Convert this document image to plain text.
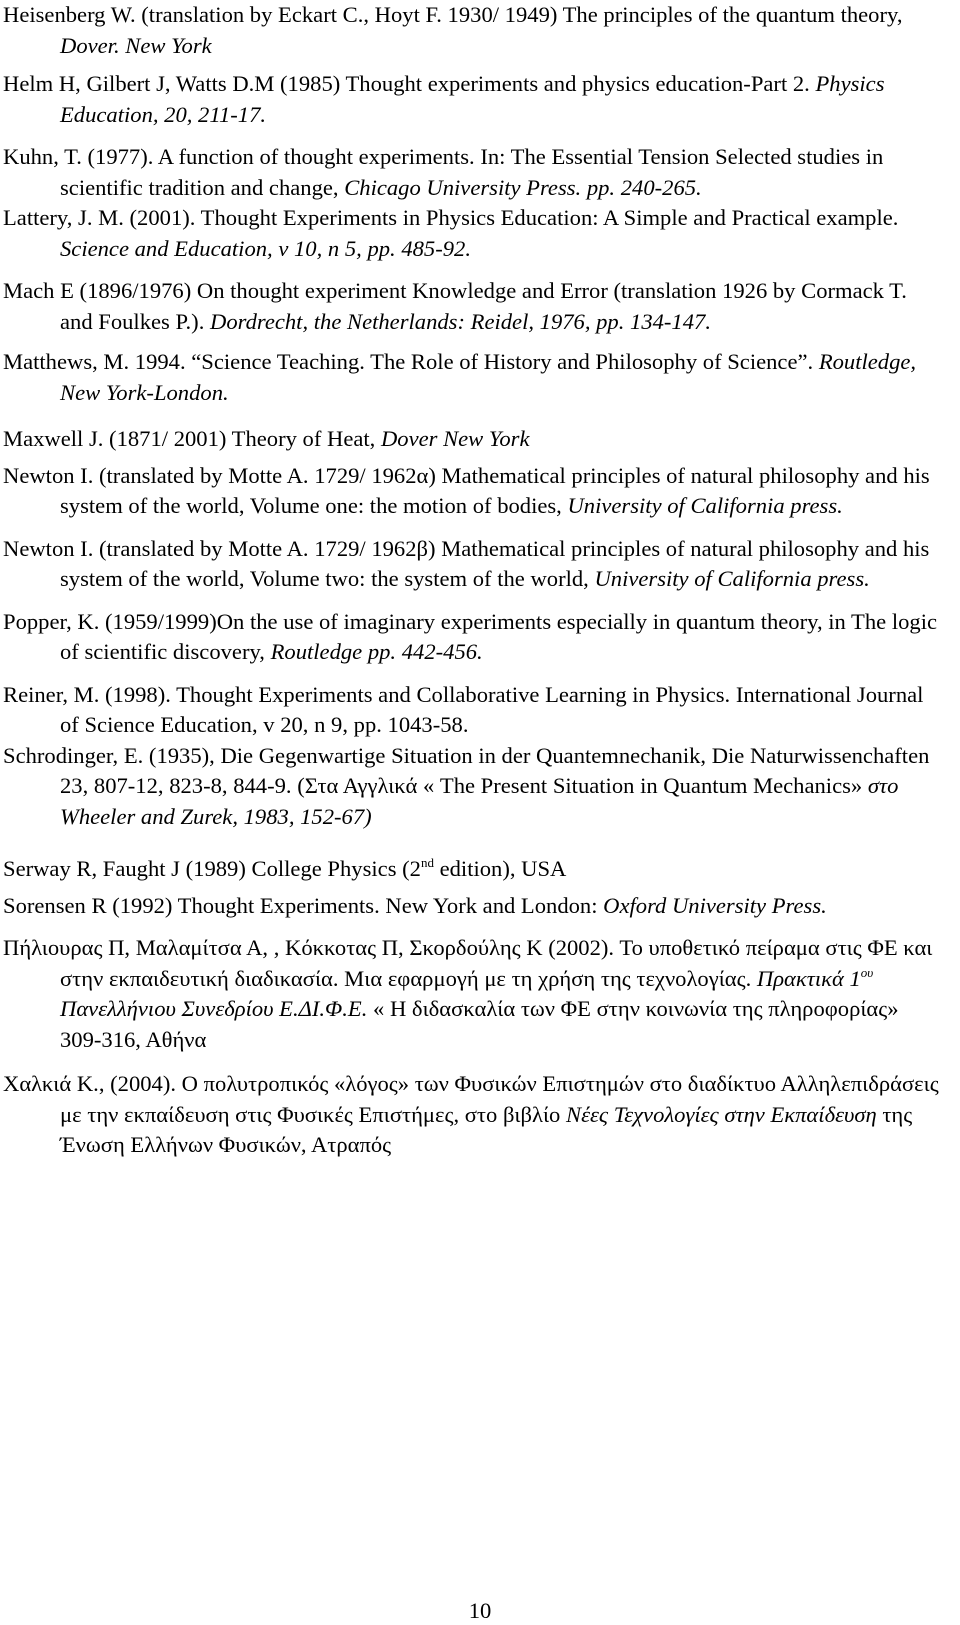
Heisenberg W. (translation by Eckart C., Hoyt F. 1930/ 1949) The principles of the quantum theory, Dover. New York
Helm H, Gilbert J, Watts D.M (1985) Thought experiments and physics education-Part 2. Physics Education, 20, 211-17.
Kuhn, T. (1977). A function of thought experiments. In: The Essential Tension Selected studies in scientific tradition and change, Chicago University Press. pp. 240-265.
Lattery, J. M. (2001). Thought Experiments in Physics Education: A Simple and Practical example. Science and Education, v 10, n 5, pp. 485-92.
Mach E (1896/1976) On thought experiment Knowledge and Error (translation 1926 by Cormack T. and Foulkes P.). Dordrecht, the Netherlands: Reidel, 1976, pp. 134-147.
Matthews, M. 1994. “Science Teaching. The Role of History and Philosophy of Science”. Routledge, New York-London.
Maxwell J. (1871/ 2001) Theory of Heat, Dover New York
Newton I. (translated by Motte A. 1729/ 1962α) Mathematical principles of natural philosophy and his system of the world, Volume one: the motion of bodies, University of California press.
Newton I. (translated by Motte A. 1729/ 1962β) Mathematical principles of natural philosophy and his system of the world, Volume two: the system of the world, University of California press.
Popper, K. (1959/1999)On the use of imaginary experiments especially in quantum theory, in The logic of scientific discovery, Routledge pp. 442-456.
Reiner, M. (1998). Thought Experiments and Collaborative Learning in Physics. International Journal of Science Education, v 20, n 9, pp. 1043-58.
Schrodinger, E. (1935), Die Gegenwartige Situation in der Quantemnechanik, Die Naturwissenchaften 23, 807-12, 823-8, 844-9. (Στα Αγγλικά « The Present Situation in Quantum Mechanics» στο Wheeler and Zurek, 1983, 152-67)
Serway R, Faught J (1989) College Physics (2nd edition), USA
Sorensen R (1992) Thought Experiments. New York and London: Oxford University Press.
Πήλιουρας Π, Μαλαμίτσα Α, , Κόκκοτας Π, Σκορδούλης Κ (2002). Το υποθετικό πείραμα στις ΦΕ και στην εκπαιδευτική διαδικασία. Μια εφαρμογή με τη χρήση της τεχνολογίας. Πρακτικά $1^{o\upsilon}$ Πανελλήνιου Συνεδρίου Ε.ΔΙ.Φ.Ε. « Η διδασκαλία των ΦΕ στην κοινωνία της πληροφορίας» 309-316, Αθήνα
Χαλκιά Κ., (2004). Ο πολυτροπικός «λόγος» των Φυσικών Επιστημών στο διαδίκτυο Αλληλεπιδράσεις με την εκπαίδευση στις Φυσικές Επιστήμες, στο βιβλίο Νέες Τεχνολογίες στην Εκπαίδευση της Ένωση Ελλήνων Φυσικών, Ατραπός
10
